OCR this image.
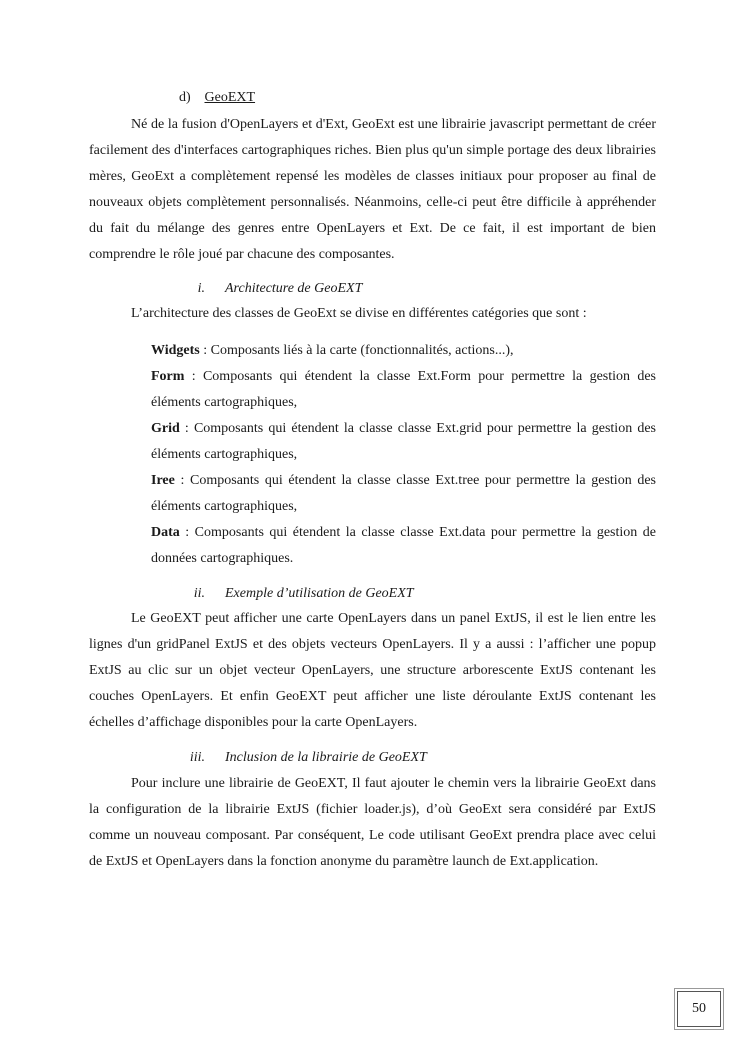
d) GeoEXT
Né de la fusion d'OpenLayers et d'Ext, GeoExt est une librairie javascript permettant de créer facilement des d'interfaces cartographiques riches. Bien plus qu'un simple portage des deux librairies mères, GeoExt a complètement repensé les modèles de classes initiaux pour proposer au final de nouveaux objets complètement personnalisés. Néanmoins, celle-ci peut être difficile à appréhender du fait du mélange des genres entre OpenLayers et Ext. De ce fait, il est important de bien comprendre le rôle joué par chacune des composantes.
i. Architecture de GeoEXT
L’architecture des classes de GeoExt se divise en différentes catégories que sont :
Widgets : Composants liés à la carte (fonctionnalités, actions...),
Form : Composants qui étendent la classe Ext.Form pour permettre la gestion des éléments cartographiques,
Grid : Composants qui étendent la classe classe Ext.grid pour permettre la gestion des éléments cartographiques,
Iree : Composants qui étendent la classe classe Ext.tree pour permettre la gestion des éléments cartographiques,
Data : Composants qui étendent la classe classe Ext.data pour permettre la gestion de données cartographiques.
ii. Exemple d’utilisation de GeoEXT
Le GeoEXT peut afficher une carte OpenLayers dans un panel ExtJS, il est le lien entre les lignes d'un gridPanel ExtJS et des objets vecteurs OpenLayers. Il y a aussi : l’afficher une popup ExtJS au clic sur un objet vecteur OpenLayers, une structure arborescente ExtJS contenant les couches OpenLayers. Et enfin GeoEXT peut afficher une liste déroulante ExtJS contenant les échelles d’affichage disponibles pour la carte OpenLayers.
iii. Inclusion de la librairie de GeoEXT
Pour inclure une librairie de GeoEXT, Il faut ajouter le chemin vers la librairie GeoExt dans la configuration de la librairie ExtJS (fichier loader.js), d’où GeoExt sera considéré par ExtJS comme un nouveau composant. Par conséquent, Le code utilisant GeoExt prendra place avec celui de ExtJS et OpenLayers dans la fonction anonyme du paramètre launch de Ext.application.
50
